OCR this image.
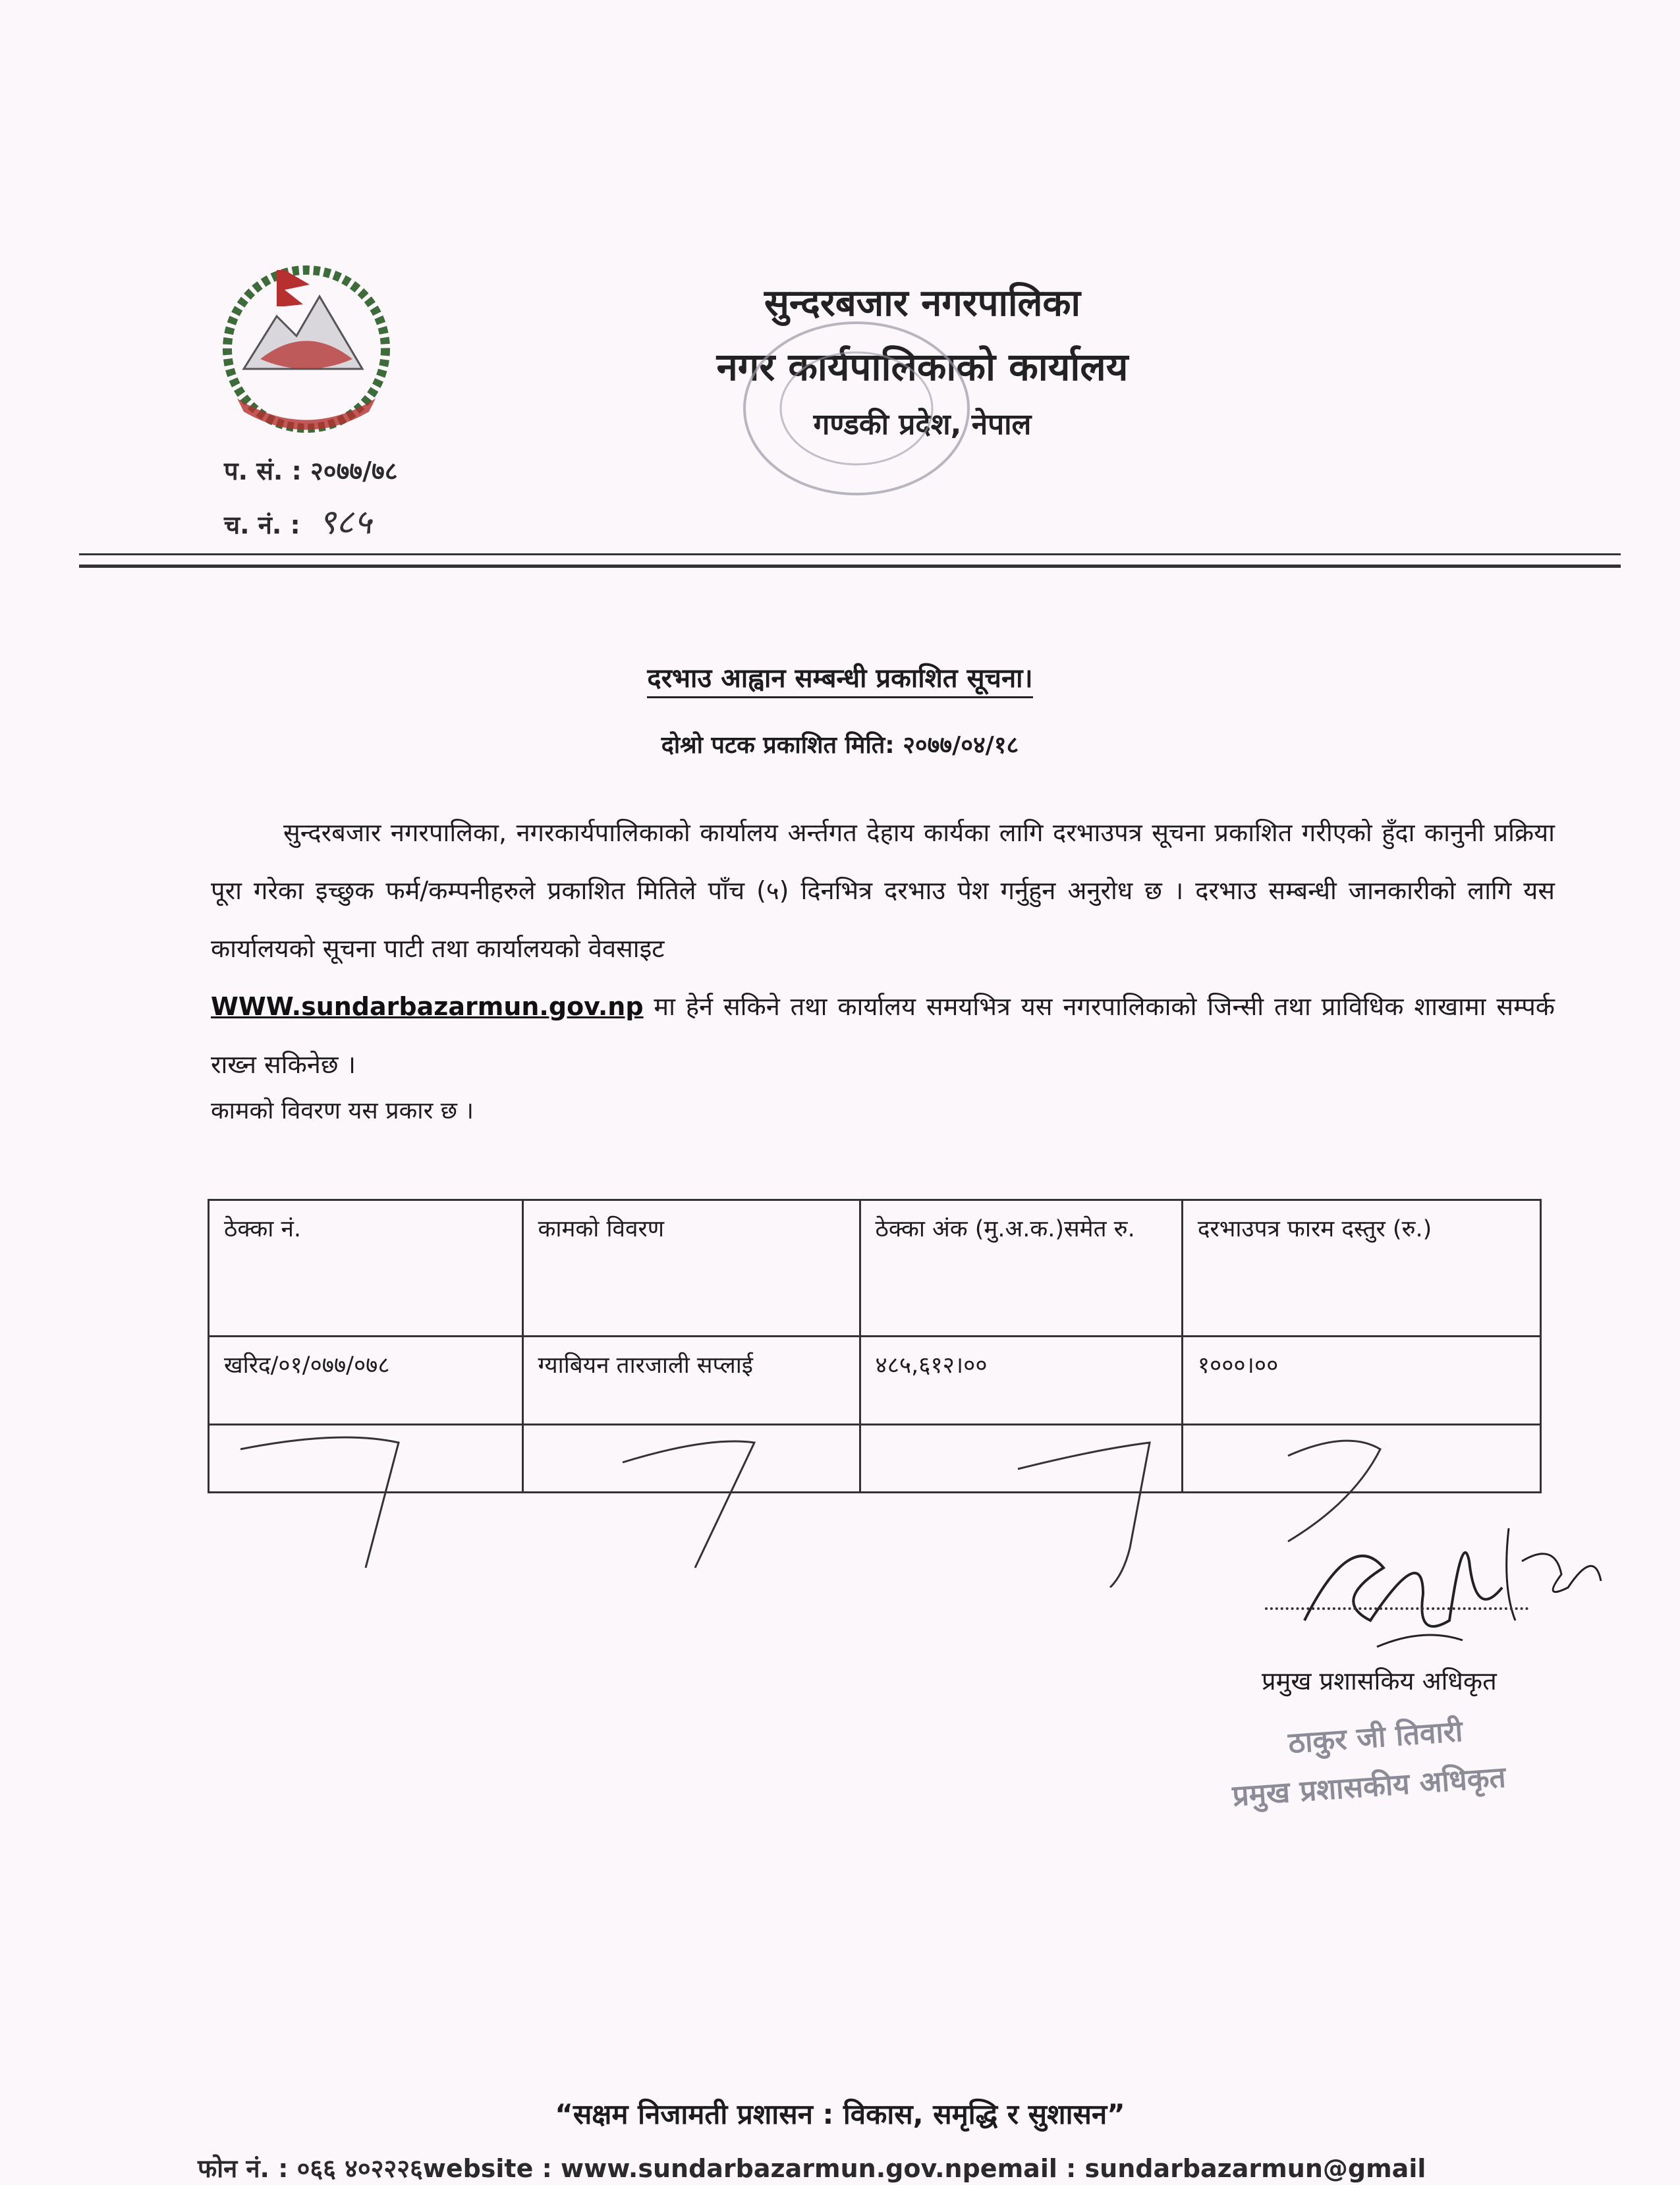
सुन्दरबजार नगरपालिका
नगर कार्यपालिकाको कार्यालय
गण्डकी प्रदेश, नेपाल
प. सं. : २०७७/७८
च. नं. : ९८५
दरभाउ आह्वान सम्बन्धी प्रकाशित सूचना।
दोश्रो पटक प्रकाशित मिति: २०७७/०४/१८
सुन्दरबजार नगरपालिका, नगरकार्यपालिकाको कार्यालय अर्न्तगत देहाय कार्यका लागि दरभाउपत्र सूचना प्रकाशित गरीएको हुँदा कानुनी प्रक्रिया पूरा गरेका इच्छुक फर्म/कम्पनीहरुले प्रकाशित मितिले पाँच (५) दिनभित्र दरभाउ पेश गर्नुहुन अनुरोध छ । दरभाउ सम्बन्धी जानकारीको लागि यस कार्यालयको सूचना पाटी तथा कार्यालयको वेवसाइट
WWW.sundarbazarmun.gov.np मा हेर्न सकिने तथा कार्यालय समयभित्र यस नगरपालिकाको जिन्सी तथा प्राविधिक शाखामा सम्पर्क राख्न सकिनेछ ।
कामको विवरण यस प्रकार छ ।
ठेक्का नं.	कामको विवरण	ठेक्का अंक (मु.अ.क.)समेत रु.	दरभाउपत्र फारम दस्तुर (रु.)
खरिद/०१/०७७/०७८	ग्याबियन तारजाली सप्लाई	४८५,६१२।००	१०००।००

प्रमुख प्रशासकिय अधिकृत
ठाकुर जी तिवारी
प्रमुख प्रशासकीय अधिकृत
“सक्षम निजामती प्रशासन : विकास, समृद्धि र सुशासन”
फोन नं. : ०६६ ४०२२२६website : www.sundarbazarmun.gov.npemail : sundarbazarmun@gmail
